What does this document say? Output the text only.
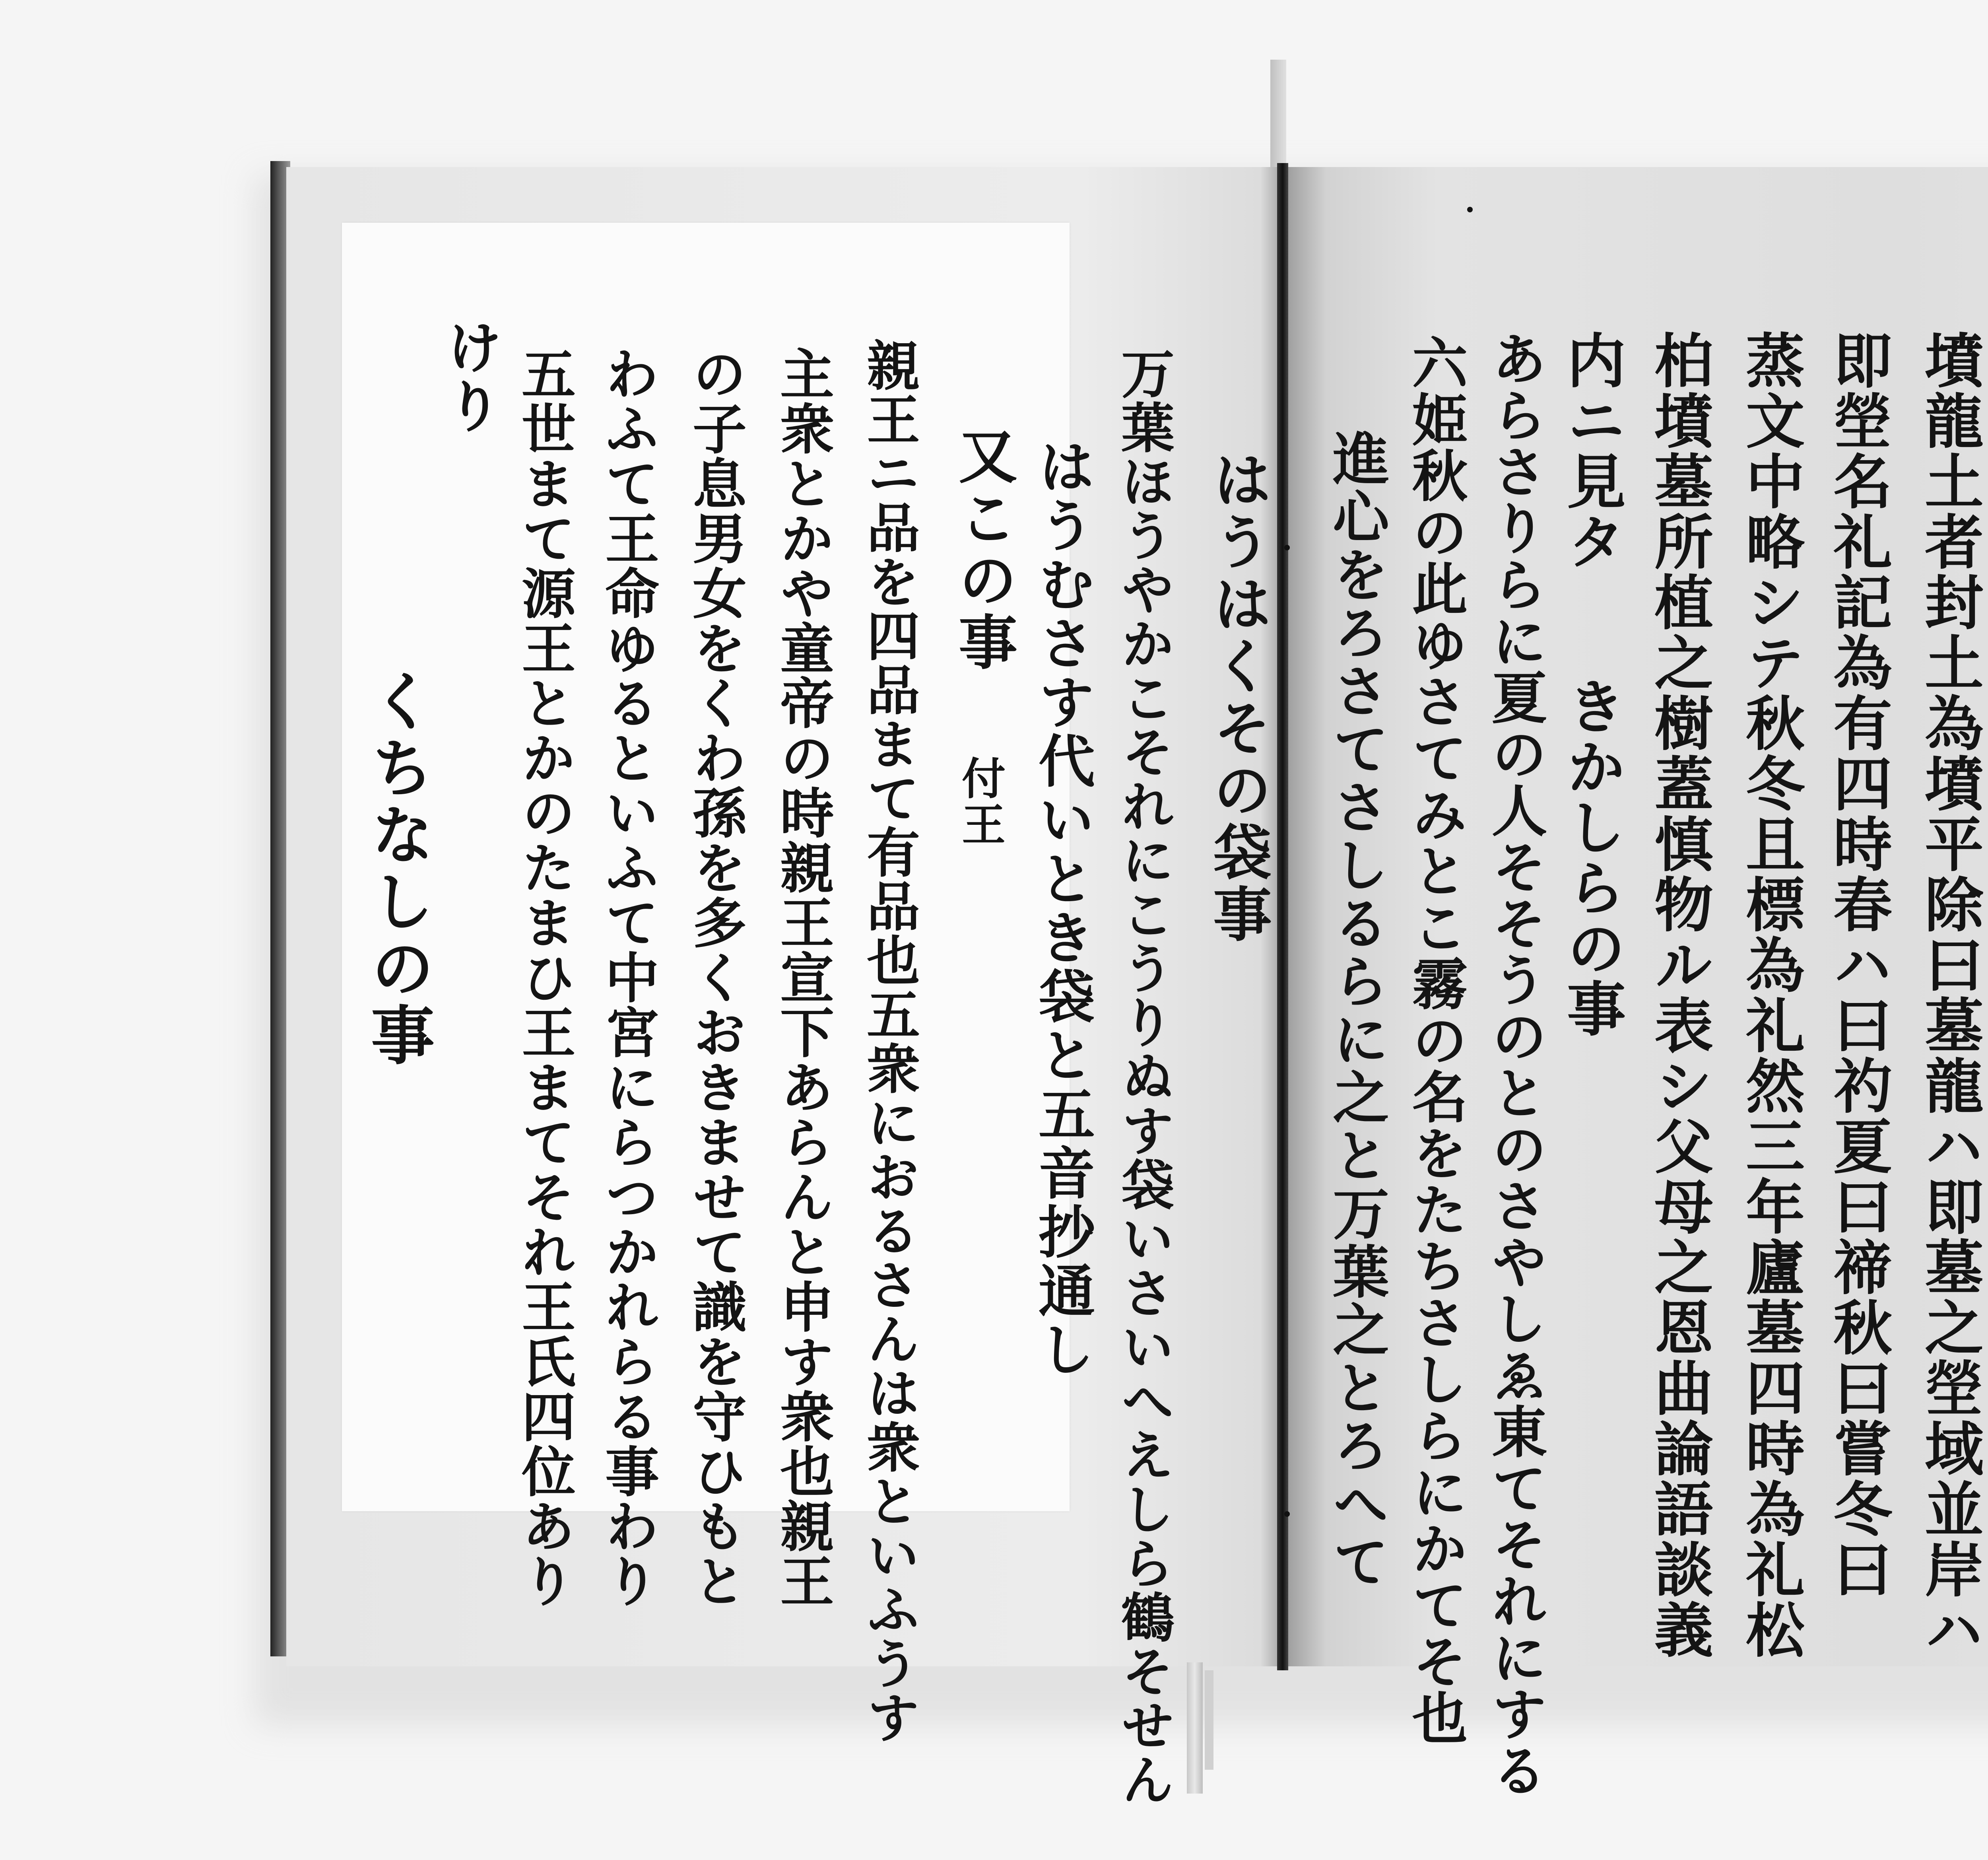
墳龍土者封土為墳平除曰墓龍ハ即墓之塋域並岸ハ
即塋名礼記為有四時春ハ曰礿夏曰禘秋曰嘗冬曰
蒸文中略シテ秋冬且標為礼然三年廬墓四時為礼松
柏墳墓所植之樹蓋慎物ル表シ父母之恩曲論語談義
内ニ見タ
きかしらの事
あらさりらに夏の人そそうのとのさやしゑ東てそれにする
六姫秋の此ゆさてみとこ霧の名をたちさしらにかてそ也
進心をろさてさしるらに之と万葉之とろへて
はうはくその袋事
万葉ほうやかこそれにこうりぬす袋いさいへえしら鶴そせん
はうむさす代いとき袋と五音抄通し
又この事
付王
親王ニ品を四品まて有品也五衆におるさんは衆といふうす
主衆とかや童帝の時親王宣下あらんと申す衆也親王
の子息男女をくわ孫を多くおきませて識を守ひもと
わふて王命ゆるといふて中宮にらつかれらる事わり
五世まて源王とかのたまひ王まてそれ王氏四位あり
けり
くちなしの事
